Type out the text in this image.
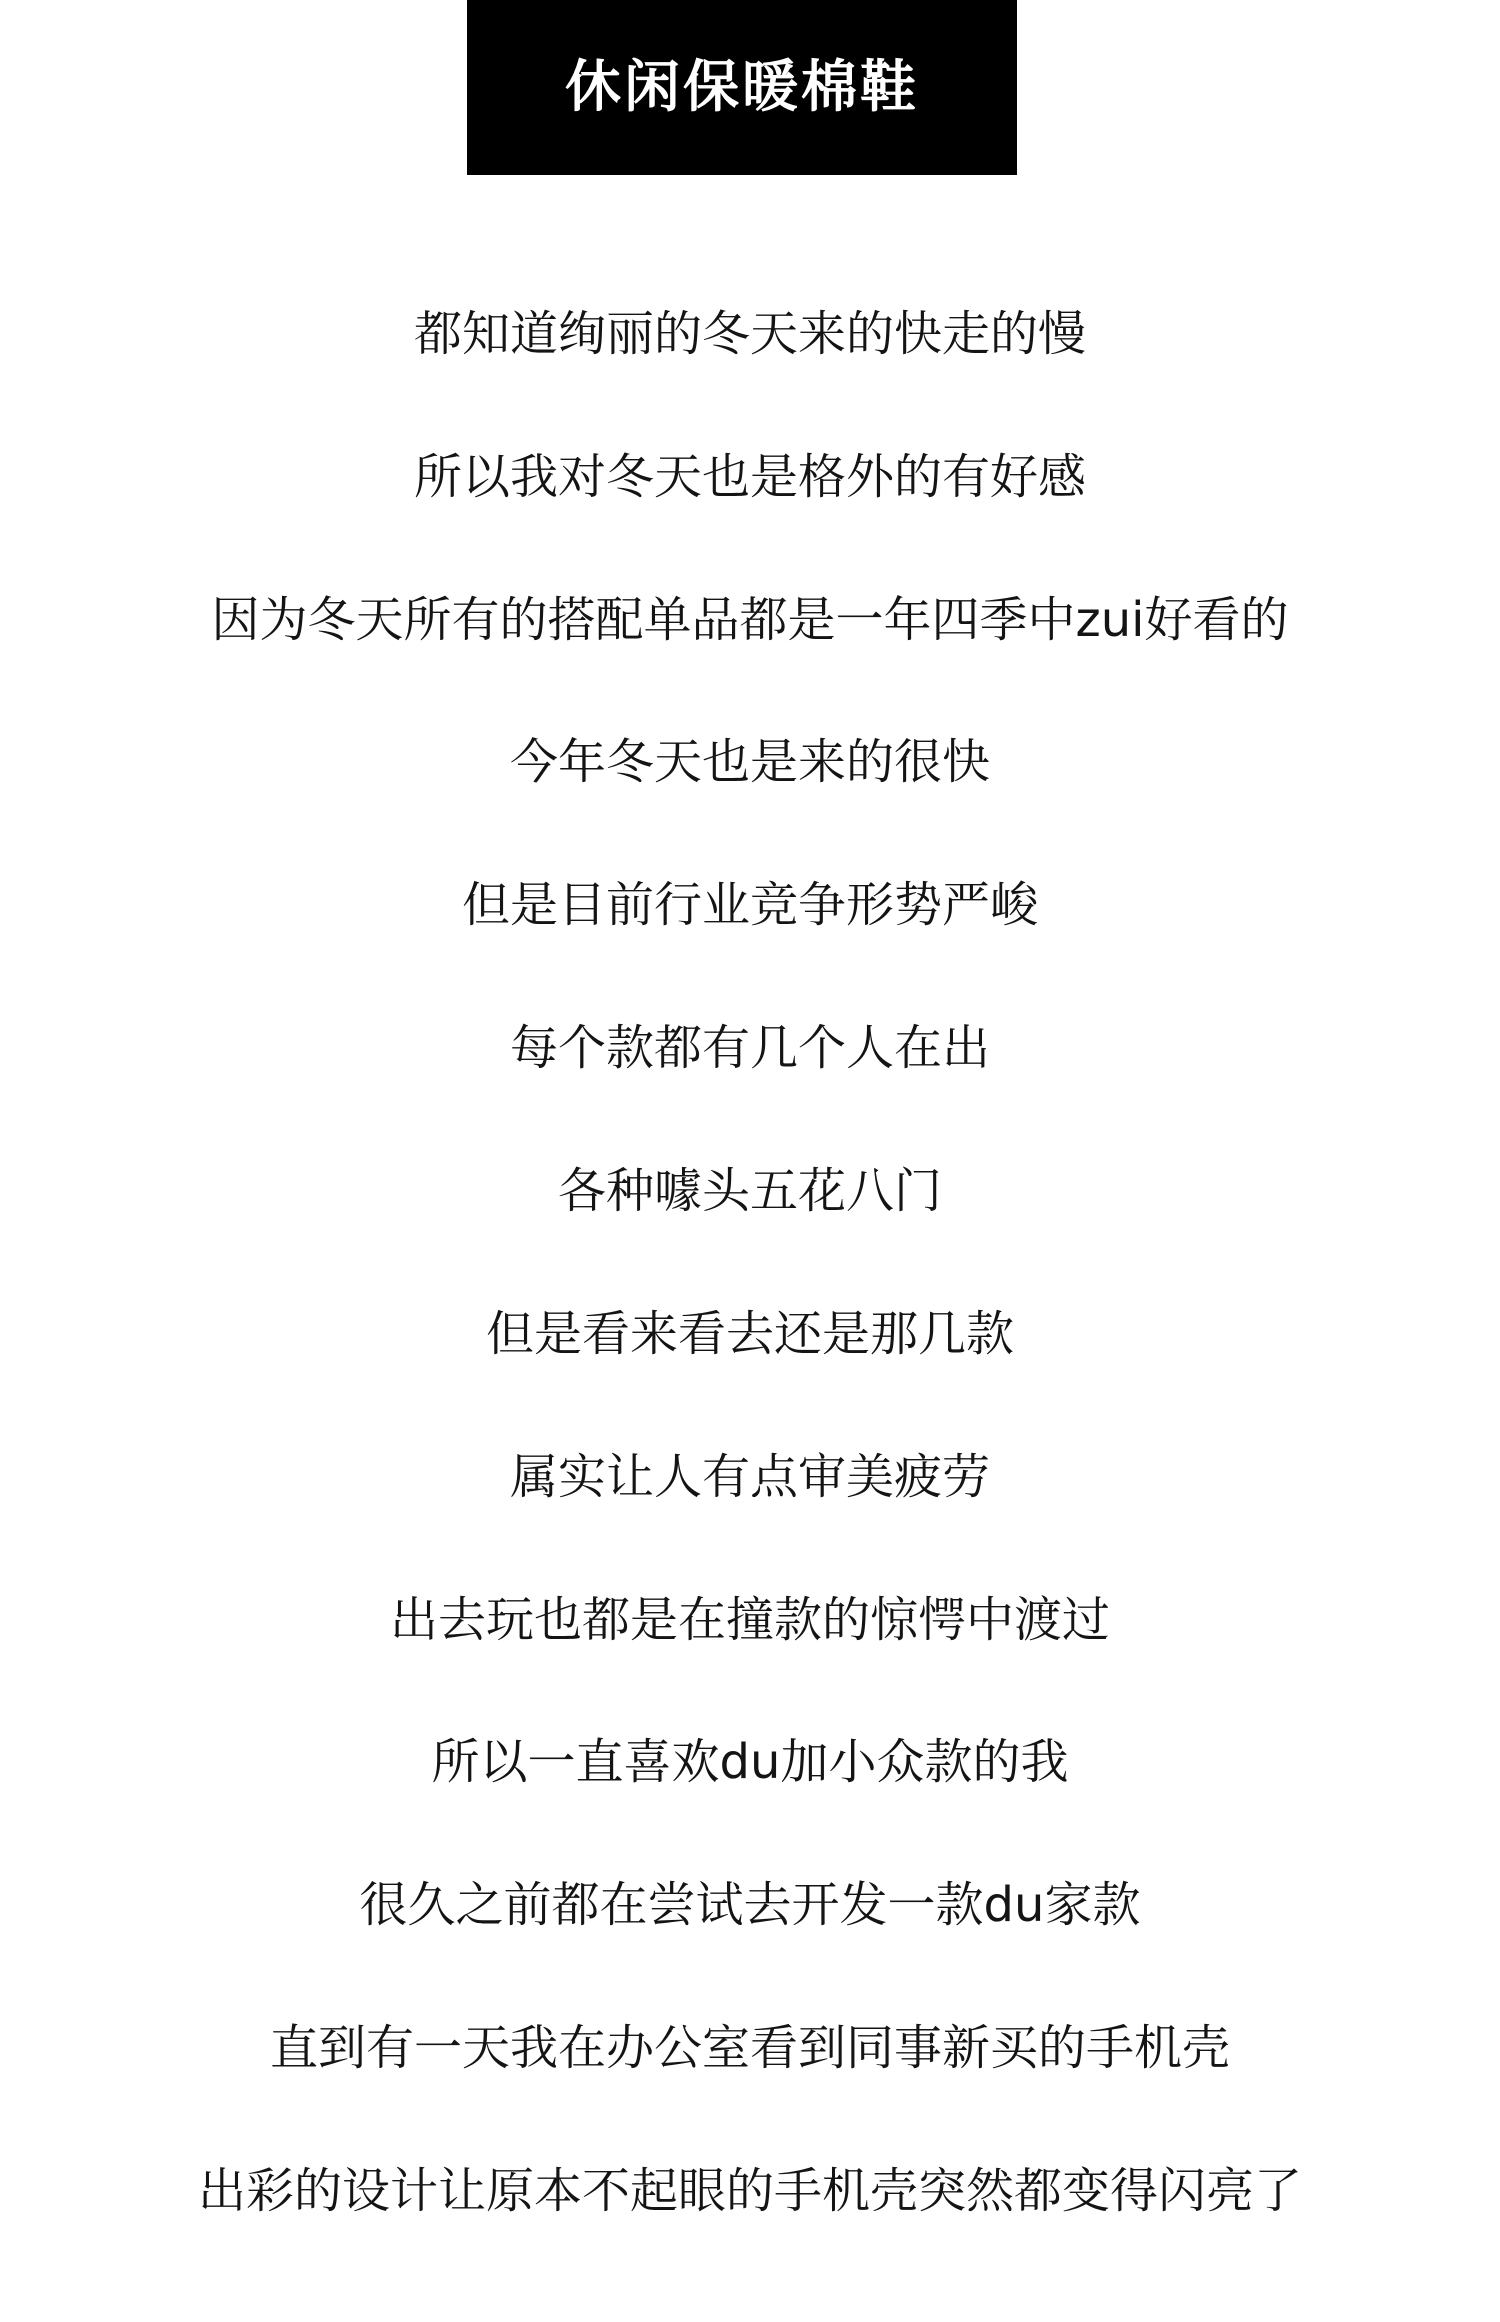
休闲保暖棉鞋
都知道绚丽的冬天来的快走的慢
所以我对冬天也是格外的有好感
因为冬天所有的搭配单品都是一年四季中zui好看的
今年冬天也是来的很快
但是目前行业竞争形势严峻
每个款都有几个人在出
各种噱头五花八门
但是看来看去还是那几款
属实让人有点审美疲劳
出去玩也都是在撞款的惊愕中渡过
所以一直喜欢du加小众款的我
很久之前都在尝试去开发一款du家款
直到有一天我在办公室看到同事新买的手机壳
出彩的设计让原本不起眼的手机壳突然都变得闪亮了
